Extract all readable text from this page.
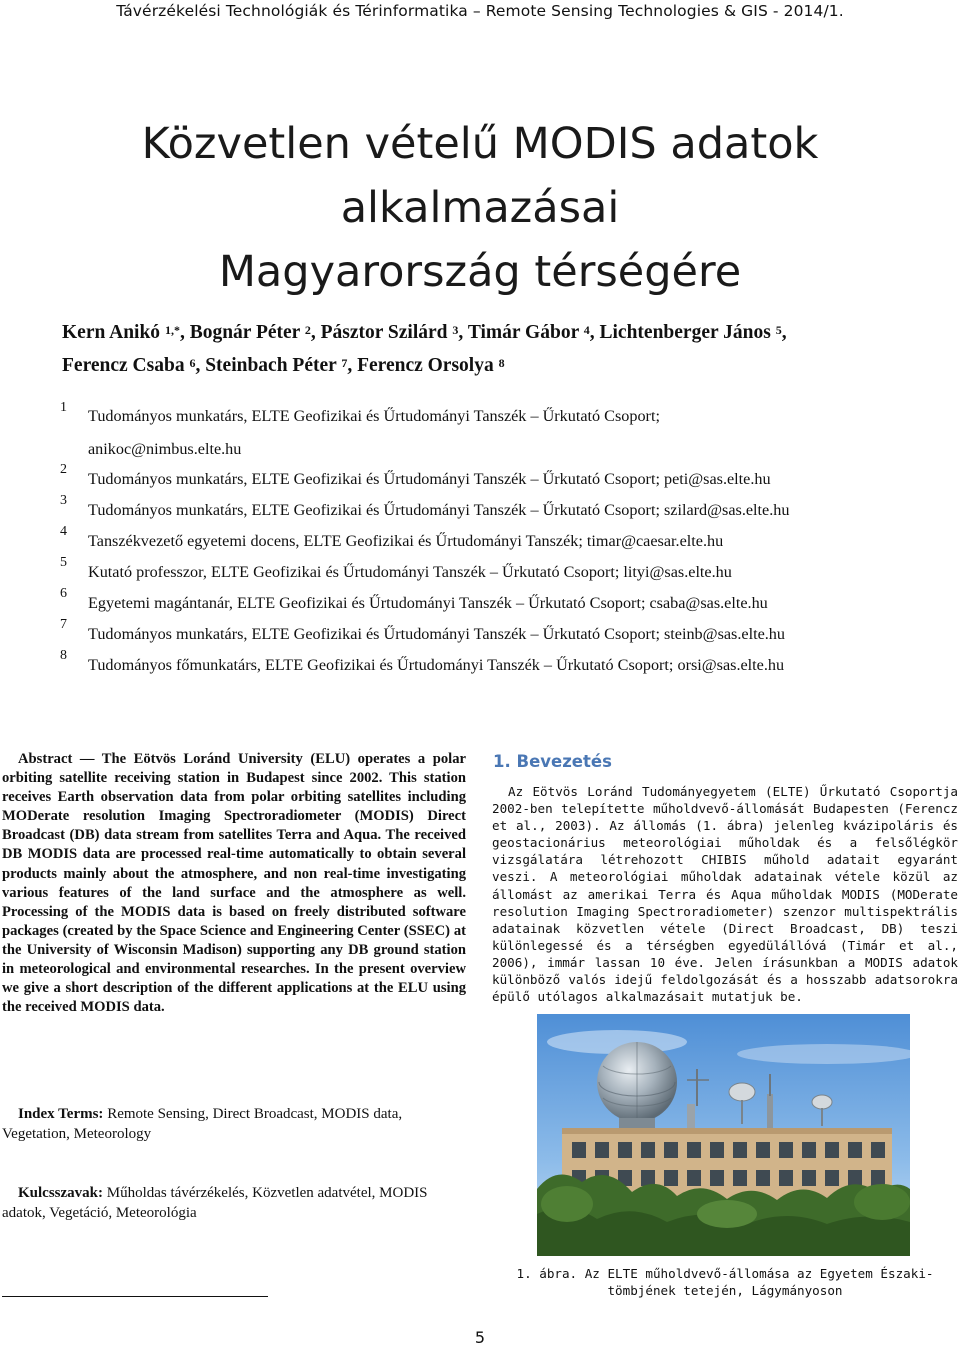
Távérzékelési Technológiák és Térinformatika – Remote Sensing Technologies & GIS - 2014/1.
Közvetlen vételű MODIS adatok alkalmazásai
Magyarország térségére
Kern Anikó $^{1,*}$, Bognár Péter $^2$, Pásztor Szilárd $^3$, Timár Gábor $^4$, Lichtenberger János $^5$,
Ferencz Csaba $^6$, Steinbach Péter $^7$, Ferencz Orsolya $^8$
1 Tudományos munkatárs, ELTE Geofizikai és Űrtudományi Tanszék – Űrkutató Csoport;
anikoc@nimbus.elte.hu
2
Tudományos munkatárs, ELTE Geofizikai és Űrtudományi Tanszék – Űrkutató Csoport; peti@sas.elte.hu
3
Tudományos munkatárs, ELTE Geofizikai és Űrtudományi Tanszék – Űrkutató Csoport; szilard@sas.elte.hu
4
Tanszékvezető egyetemi docens, ELTE Geofizikai és Űrtudományi Tanszék; timar@caesar.elte.hu
5
Kutató professzor, ELTE Geofizikai és Űrtudományi Tanszék – Űrkutató Csoport; lityi@sas.elte.hu
6
Egyetemi magántanár, ELTE Geofizikai és Űrtudományi Tanszék – Űrkutató Csoport; csaba@sas.elte.hu
7
Tudományos munkatárs, ELTE Geofizikai és Űrtudományi Tanszék – Űrkutató Csoport; steinb@sas.elte.hu
8
Tudományos főmunkatárs, ELTE Geofizikai és Űrtudományi Tanszék – Űrkutató Csoport; orsi@sas.elte.hu
Abstract — The Eötvös Loránd University (ELU) operates a polar orbiting satellite receiving station in Budapest since 2002. This station receives Earth observation data from polar orbiting satellites including MODerate resolution Imaging Spectroradiometer (MODIS) Direct Broadcast (DB) data stream from satellites Terra and Aqua. The received DB MODIS data are processed real-time automatically to obtain several products mainly about the atmosphere, and non real-time investigating various features of the land surface and the atmosphere as well. Processing of the MODIS data is based on freely distributed software packages (created by the Space Science and Engineering Center (SSEC) at the University of Wisconsin Madison) supporting any DB ground station in meteorological and environmental researches. In the present overview we give a short description of the different applications at the ELU using the received MODIS data.
Index Terms: Remote Sensing, Direct Broadcast, MODIS data, Vegetation, Meteorology
Kulcsszavak: Műholdas távérzékelés, Közvetlen adatvétel, MODIS adatok, Vegetáció, Meteorológia
1. Bevezetés
Az Eötvös Loránd Tudományegyetem (ELTE) Űrkutató Csoportja 2002-ben telepítette műholdvevő-állomását Budapesten (Ferencz et al., 2003). Az állomás (1. ábra) jelenleg kvázipoláris és geostacionárius meteorológiai műholdak és a felsőlégkör vizsgálatára létrehozott CHIBIS műhold adatait egyaránt veszi. A meteorológiai műholdak adatainak vétele közül az állomást az amerikai Terra és Aqua műholdak MODIS (MODerate resolution Imaging Spectroradiometer) szenzor multispektrális adatainak közvetlen vétele (Direct Broadcast, DB) teszi különlegessé és a térségben egyedülállóvá (Timár et al., 2006), immár lassan 10 éve. Jelen írásunkban a MODIS adatok különböző valós idejű feldolgozását és a hosszabb adatsorokra épülő utólagos alkalmazásait mutatjuk be.
1. ábra. Az ELTE műholdvevő-állomása az Egyetem Északi-tömbjének tetején, Lágymányoson
5
